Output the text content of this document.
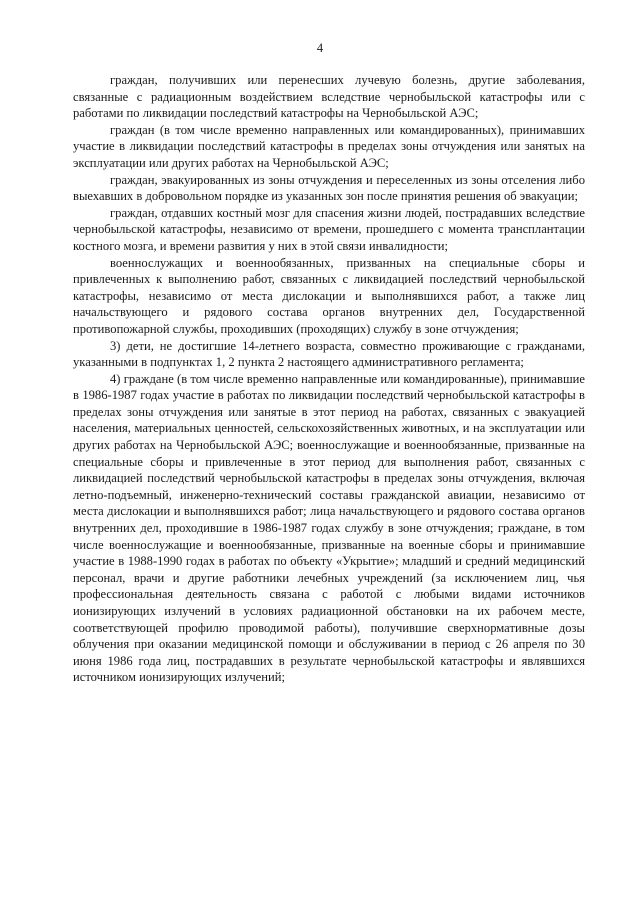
4

граждан, получивших или перенесших лучевую болезнь, другие заболевания, связанные с радиационным воздействием вследствие чернобыльской катастрофы или с работами по ликвидации последствий катастрофы на Чернобыльской АЭС;

граждан (в том числе временно направленных или командированных), принимавших участие в ликвидации последствий катастрофы в пределах зоны отчуждения или занятых на эксплуатации или других работах на Чернобыльской АЭС;

граждан, эвакуированных из зоны отчуждения и переселенных из зоны отселения либо выехавших в добровольном порядке из указанных зон после принятия решения об эвакуации;

граждан, отдавших костный мозг для спасения жизни людей, пострадавших вследствие чернобыльской катастрофы, независимо от времени, прошедшего с момента трансплантации костного мозга, и времени развития у них в этой связи инвалидности;

военнослужащих и военнообязанных, призванных на специальные сборы и привлеченных к выполнению работ, связанных с ликвидацией последствий чернобыльской катастрофы, независимо от места дислокации и выполнявшихся работ, а также лиц начальствующего и рядового состава органов внутренних дел, Государственной противопожарной службы, проходивших (проходящих) службу в зоне отчуждения;

3) дети, не достигшие 14-летнего возраста, совместно проживающие с гражданами, указанными в подпунктах 1, 2 пункта 2 настоящего административного регламента;

4) граждане (в том числе временно направленные или командированные), принимавшие в 1986-1987 годах участие в работах по ликвидации последствий чернобыльской катастрофы в пределах зоны отчуждения или занятые в этот период на работах, связанных с эвакуацией населения, материальных ценностей, сельскохозяйственных животных, и на эксплуатации или других работах на Чернобыльской АЭС; военнослужащие и военнообязанные, призванные на специальные сборы и привлеченные в этот период для выполнения работ, связанных с ликвидацией последствий чернобыльской катастрофы в пределах зоны отчуждения, включая летно-подъемный, инженерно-технический составы гражданской авиации, независимо от места дислокации и выполнявшихся работ; лица начальствующего и рядового состава органов внутренних дел, проходившие в 1986-1987 годах службу в зоне отчуждения; граждане, в том числе военнослужащие и военнообязанные, призванные на военные сборы и принимавшие участие в 1988-1990 годах в работах по объекту «Укрытие»; младший и средний медицинский персонал, врачи и другие работники лечебных учреждений (за исключением лиц, чья профессиональная деятельность связана с работой с любыми видами источников ионизирующих излучений в условиях радиационной обстановки на их рабочем месте, соответствующей профилю проводимой работы), получившие сверхнормативные дозы облучения при оказании медицинской помощи и обслуживании в период с 26 апреля по 30 июня 1986 года лиц, пострадавших в результате чернобыльской катастрофы и являвшихся источником ионизирующих излучений;
